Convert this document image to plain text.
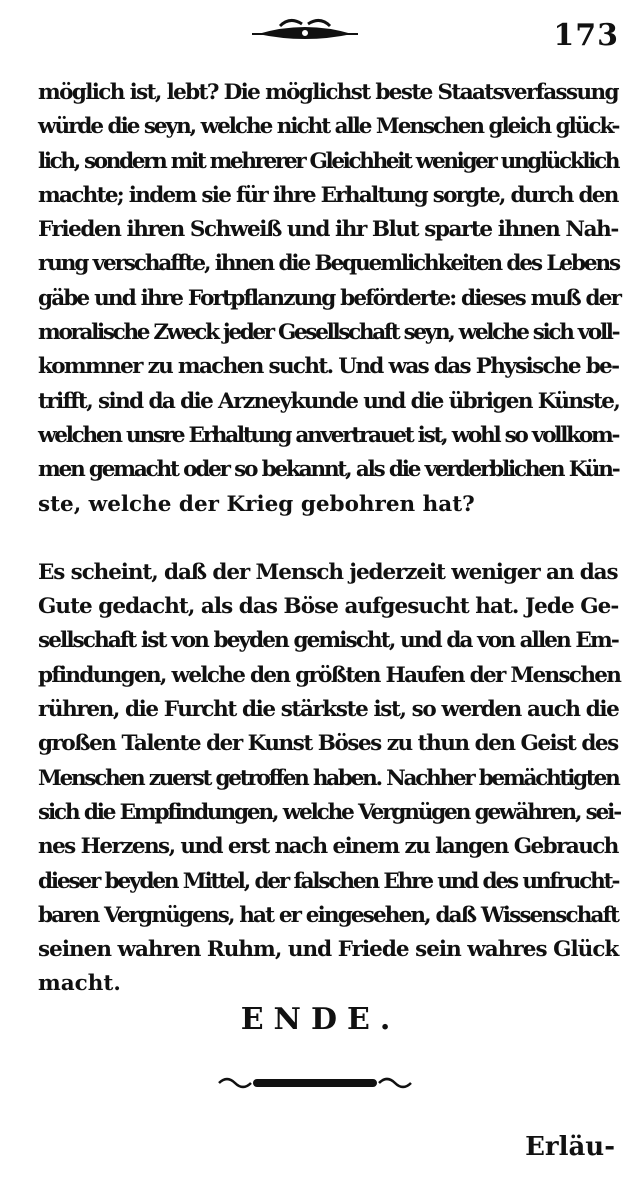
173
möglich ist, lebt? Die möglichst beste Staatsverfassung
würde die seyn, welche nicht alle Menschen gleich glück-
lich, sondern mit mehrerer Gleichheit weniger unglücklich
machte; indem sie für ihre Erhaltung sorgte, durch den
Frieden ihren Schweiß und ihr Blut sparte ihnen Nah-
rung verschaffte, ihnen die Bequemlichkeiten des Lebens
gäbe und ihre Fortpflanzung beförderte: dieses muß der
moralische Zweck jeder Gesellschaft seyn, welche sich voll-
kommner zu machen sucht. Und was das Physische be-
trifft, sind da die Arzneykunde und die übrigen Künste,
welchen unsre Erhaltung anvertrauet ist, wohl so vollkom-
men gemacht oder so bekannt, als die verderblichen Kün-
ste, welche der Krieg gebohren hat?
Es scheint, daß der Mensch jederzeit weniger an das
Gute gedacht, als das Böse aufgesucht hat. Jede Ge-
sellschaft ist von beyden gemischt, und da von allen Em-
pfindungen, welche den größten Haufen der Menschen
rühren, die Furcht die stärkste ist, so werden auch die
großen Talente der Kunst Böses zu thun den Geist des
Menschen zuerst getroffen haben. Nachher bemächtigten
sich die Empfindungen, welche Vergnügen gewähren, sei-
nes Herzens, und erst nach einem zu langen Gebrauch
dieser beyden Mittel, der falschen Ehre und des unfrucht-
baren Vergnügens, hat er eingesehen, daß Wissenschaft
seinen wahren Ruhm, und Friede sein wahres Glück
macht.
ENDE.
Erläu-
